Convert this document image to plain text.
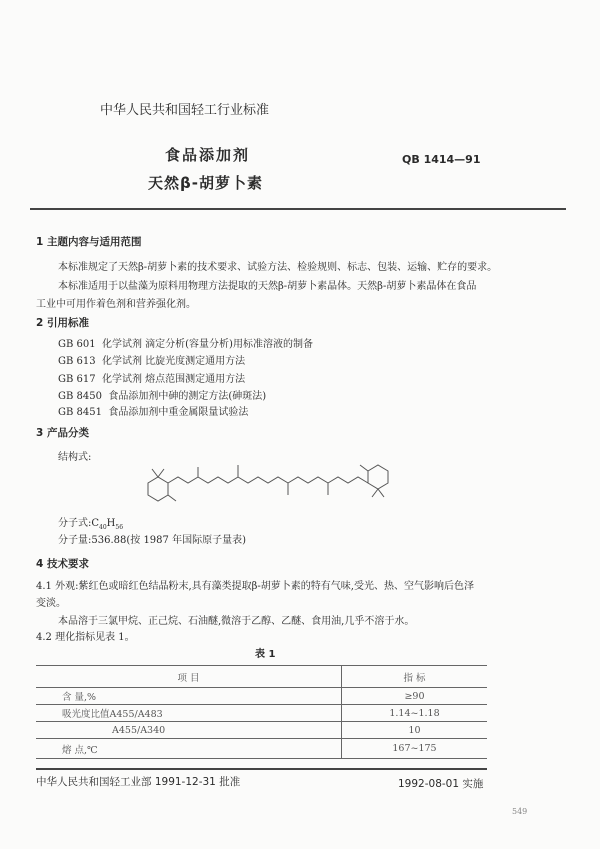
中华人民共和国轻工行业标准
食品添加剂
天然β-胡萝卜素
QB 1414—91
1 主题内容与适用范围
本标准规定了天然β-胡萝卜素的技术要求、试验方法、检验规则、标志、包装、运输、贮存的要求。
本标准适用于以盐藻为原料用物理方法提取的天然β-胡萝卜素晶体。天然β-胡萝卜素晶体在食品
工业中可用作着色剂和营养强化剂。
2 引用标准
GB 601 化学试剂 滴定分析(容量分析)用标准溶液的制备
GB 613 化学试剂 比旋光度测定通用方法
GB 617 化学试剂 熔点范围测定通用方法
GB 8450 食品添加剂中砷的测定方法(砷斑法)
GB 8451 食品添加剂中重金属限量试验法
3 产品分类
结构式:
分子式$:C_{40}H_{56}$
分子量:536.88(按 1987 年国际原子量表)
4 技术要求
4.1 外观:紫红色或暗红色结晶粉末,具有藻类提取β-胡萝卜素的特有气味,受光、热、空气影响后色泽
变淡。
本品溶于三氯甲烷、正己烷、石油醚,微溶于乙醇、乙醚、食用油,几乎不溶于水。
4.2 理化指标见表 1。
表 1
项 目	指 标
含 量,%	≥90
吸光度比值A455/A483	1.14~1.18
A455/A340	10
熔 点,℃	167~175
中华人民共和国轻工业部 1991-12-31 批准	1992-08-01 实施
549
